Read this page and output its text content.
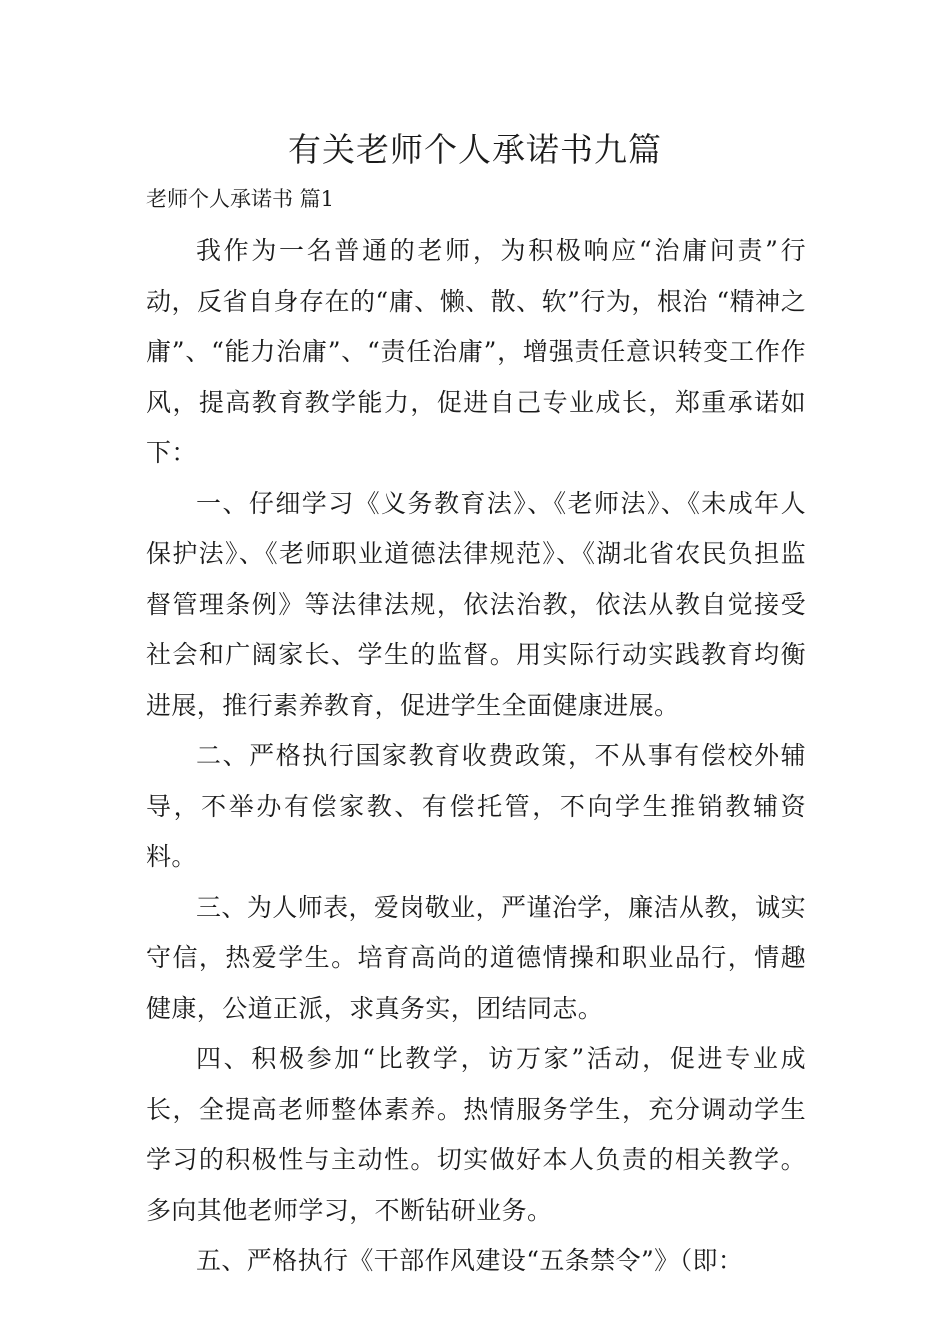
有关老师个人承诺书九篇

老师个人承诺书 篇1

我作为一名普通的老师，为积极响应“治庸问责”行动，反省自身存在的“庸、懒、散、软”行为，根治 “精神之庸”、“能力治庸”、“责任治庸”，增强责任意识转变工作作风，提高教育教学能力，促进自己专业成长，郑重承诺如下：

一、仔细学习《义务教育法》、《老师法》、《未成年人保护法》、《老师职业道德法律规范》、《湖北省农民负担监督管理条例》等法律法规，依法治教，依法从教自觉接受社会和广阔家长、学生的监督。用实际行动实践教育均衡进展，推行素养教育，促进学生全面健康进展。

二、严格执行国家教育收费政策，不从事有偿校外辅导，不举办有偿家教、有偿托管，不向学生推销教辅资料。

三、为人师表，爱岗敬业，严谨治学，廉洁从教，诚实守信，热爱学生。培育高尚的道德情操和职业品行，情趣健康，公道正派，求真务实，团结同志。

四、积极参加“比教学，访万家”活动，促进专业成长，全提高老师整体素养。热情服务学生，充分调动学生学习的积极性与主动性。切实做好本人负责的相关教学。多向其他老师学习，不断钻研业务。

五、严格执行《干部作风建设“五条禁令”》（即：
